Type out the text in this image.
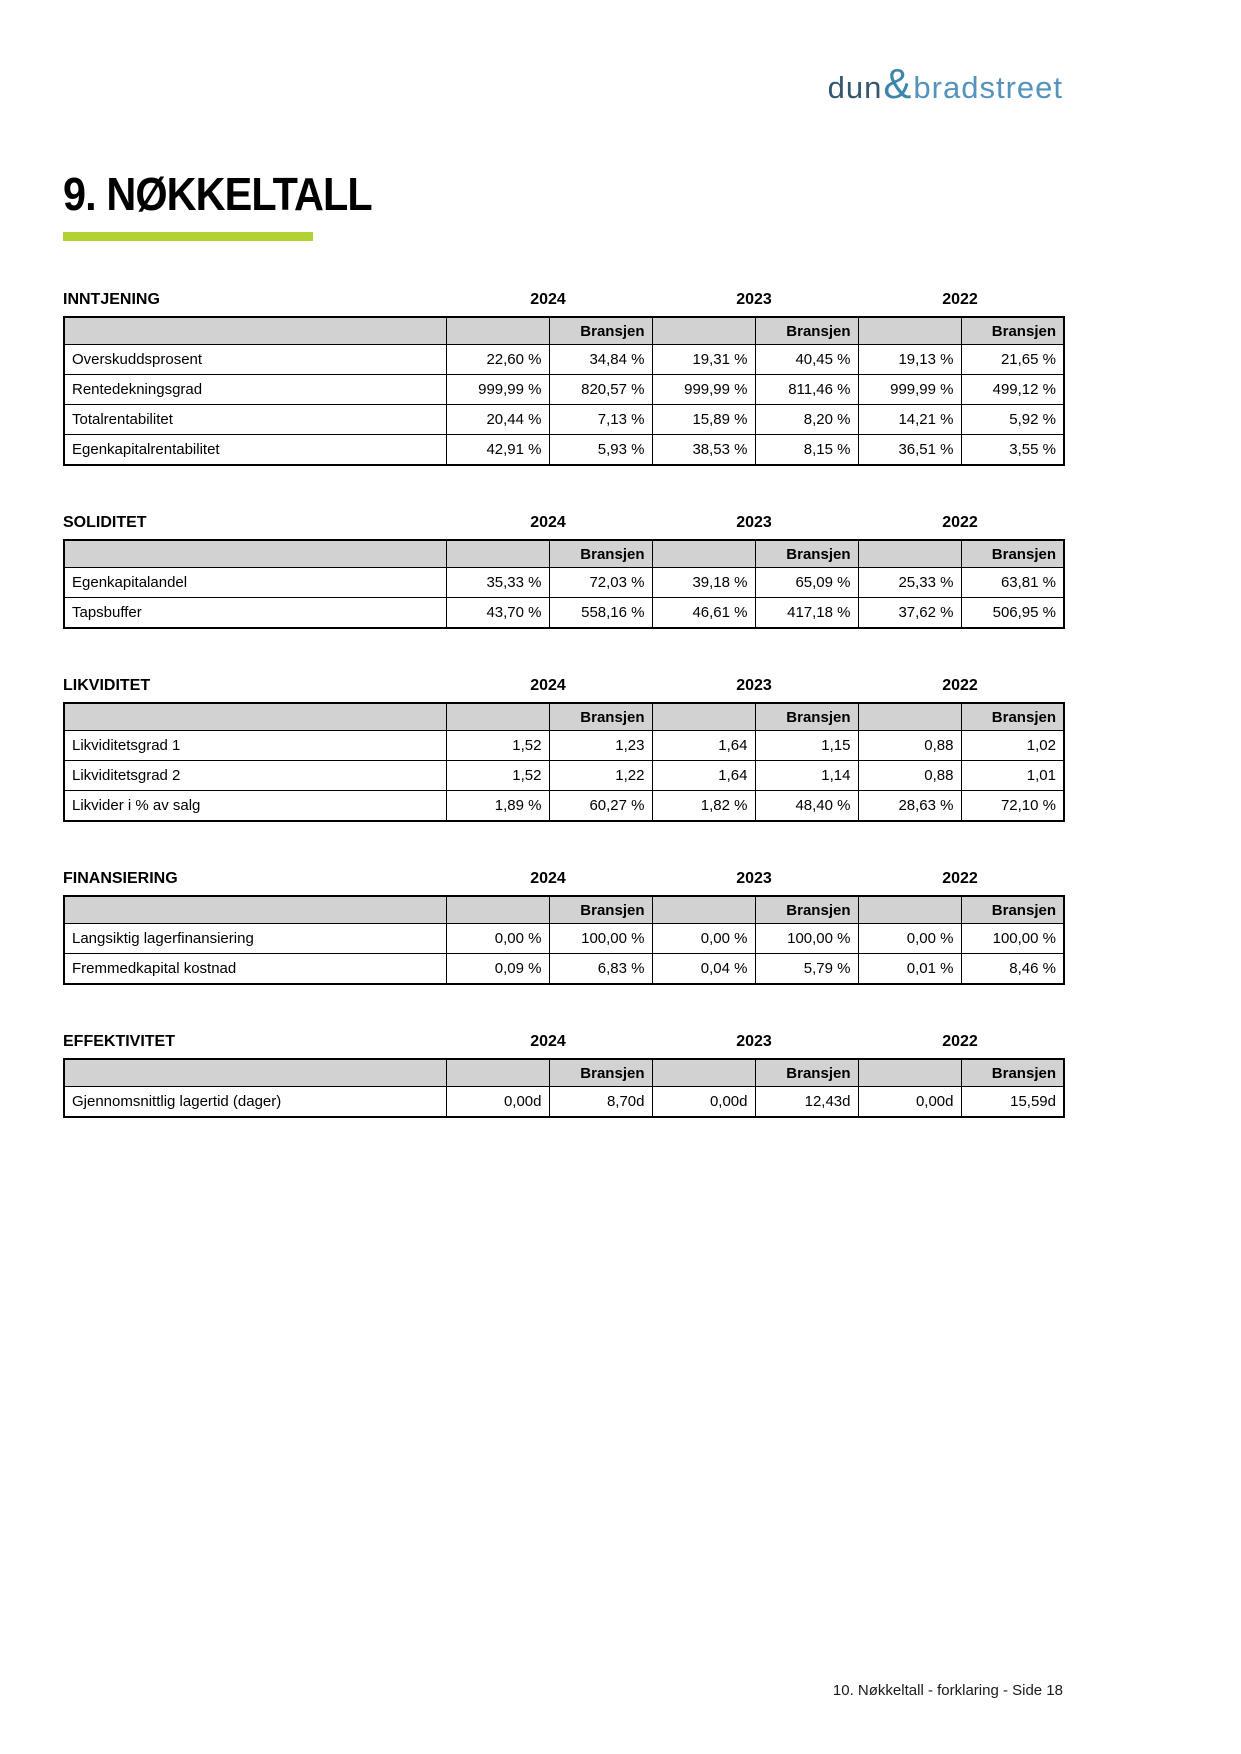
dun & bradstreet
9. NØKKELTALL
INNTJENING	2024	2023	2022
		Bransjen		Bransjen		Bransjen
Overskuddsprosent	22,60 %	34,84 %	19,31 %	40,45 %	19,13 %	21,65 %
Rentedekningsgrad	999,99 %	820,57 %	999,99 %	811,46 %	999,99 %	499,12 %
Totalrentabilitet	20,44 %	7,13 %	15,89 %	8,20 %	14,21 %	5,92 %
Egenkapitalrentabilitet	42,91 %	5,93 %	38,53 %	8,15 %	36,51 %	3,55 %
SOLIDITET	2024	2023	2022
		Bransjen		Bransjen		Bransjen
Egenkapitalandel	35,33 %	72,03 %	39,18 %	65,09 %	25,33 %	63,81 %
Tapsbuffer	43,70 %	558,16 %	46,61 %	417,18 %	37,62 %	506,95 %
LIKVIDITET	2024	2023	2022
		Bransjen		Bransjen		Bransjen
Likviditetsgrad 1	1,52	1,23	1,64	1,15	0,88	1,02
Likviditetsgrad 2	1,52	1,22	1,64	1,14	0,88	1,01
Likvider i % av salg	1,89 %	60,27 %	1,82 %	48,40 %	28,63 %	72,10 %
FINANSIERING	2024	2023	2022
		Bransjen		Bransjen		Bransjen
Langsiktig lagerfinansiering	0,00 %	100,00 %	0,00 %	100,00 %	0,00 %	100,00 %
Fremmedkapital kostnad	0,09 %	6,83 %	0,04 %	5,79 %	0,01 %	8,46 %
EFFEKTIVITET	2024	2023	2022
		Bransjen		Bransjen		Bransjen
Gjennomsnittlig lagertid (dager)	0,00d	8,70d	0,00d	12,43d	0,00d	15,59d
10. Nøkkeltall - forklaring - Side 18
